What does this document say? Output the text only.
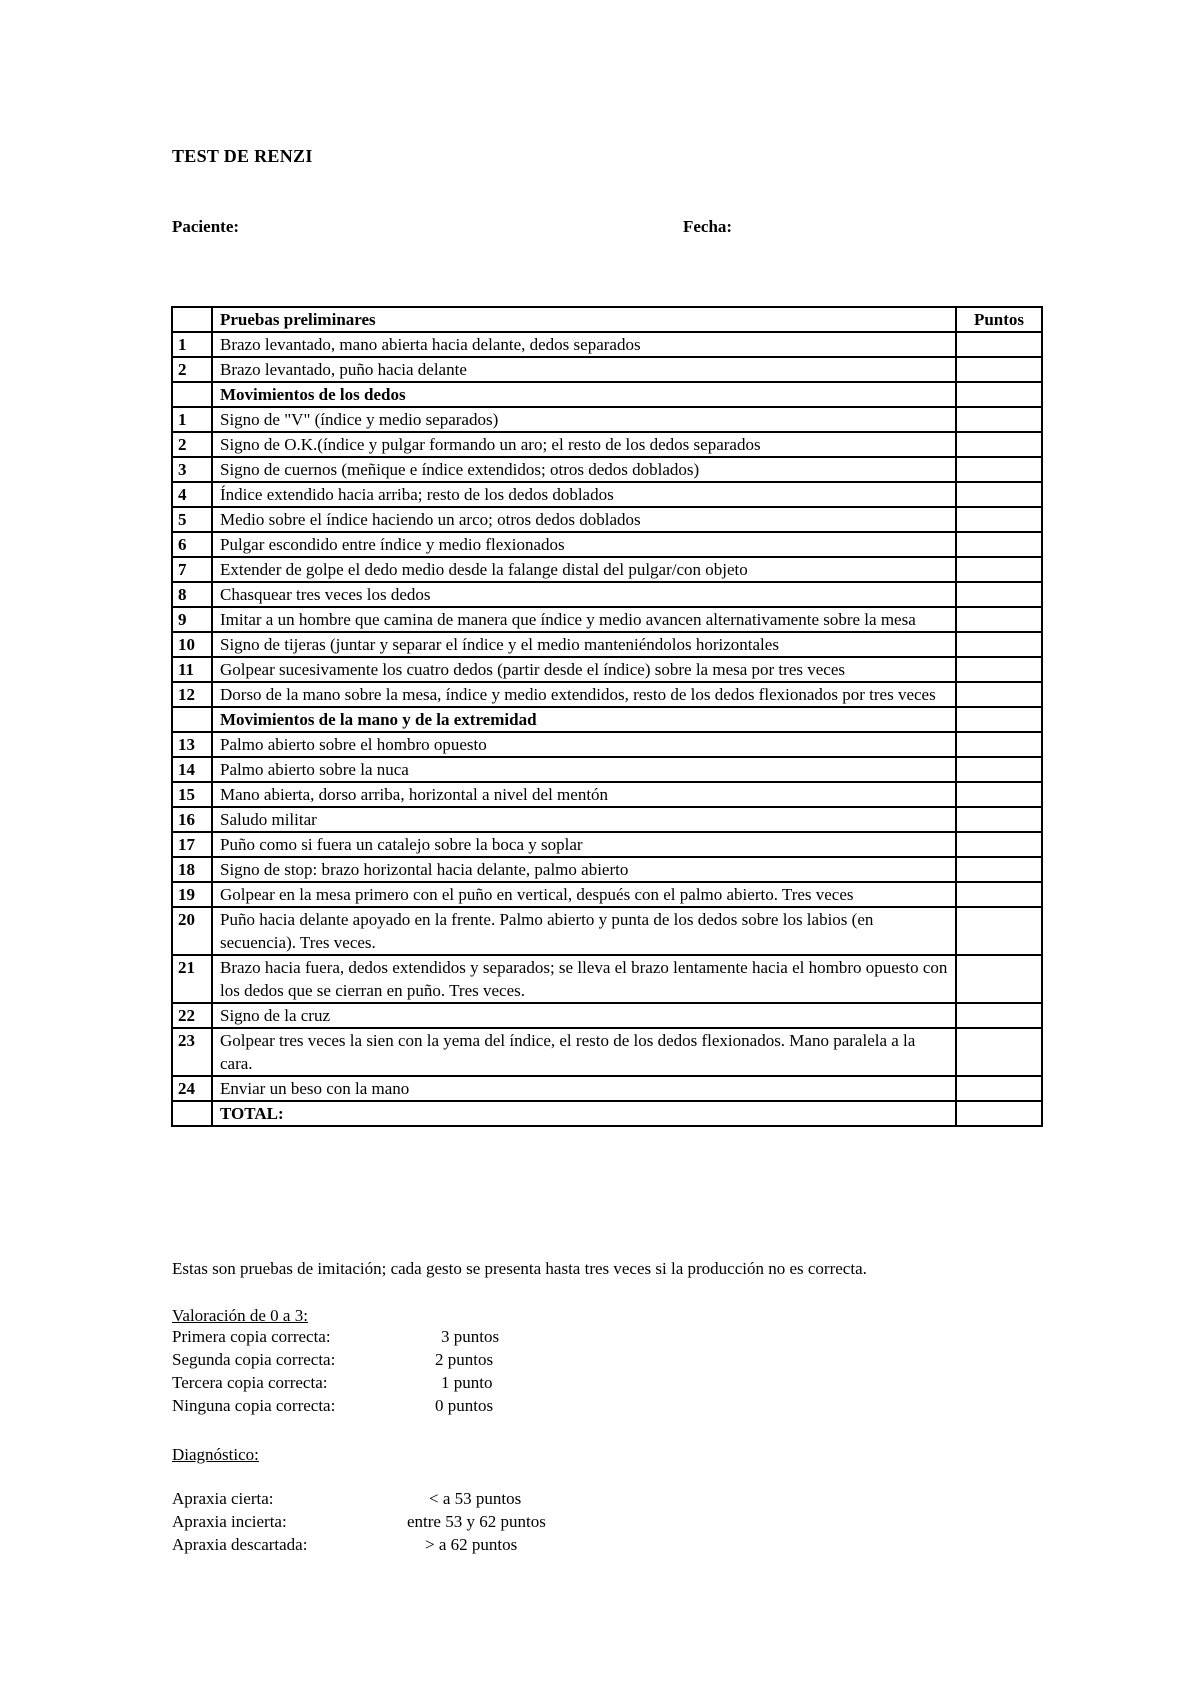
TEST DE RENZI
Paciente:	Fecha:
	Pruebas preliminares	Puntos
1	Brazo levantado, mano abierta hacia delante, dedos separados	
2	Brazo levantado, puño hacia delante	
	Movimientos de los dedos	
1	Signo de "V" (índice y medio separados)	
2	Signo de O.K.(índice y pulgar formando un aro; el resto de los dedos separados	
3	Signo de cuernos (meñique e índice extendidos; otros dedos doblados)	
4	Índice extendido hacia arriba; resto de los dedos doblados	
5	Medio sobre el índice haciendo un arco; otros dedos doblados	
6	Pulgar escondido entre índice y medio flexionados	
7	Extender de golpe el dedo medio desde la falange distal del pulgar/con objeto	
8	Chasquear tres veces los dedos	
9	Imitar a un hombre que camina de manera que índice y medio avancen alternativamente sobre la mesa	
10	Signo de tijeras (juntar y separar el índice y el medio manteniéndolos horizontales	
11	Golpear sucesivamente los cuatro dedos (partir desde el índice) sobre la mesa por tres veces	
12	Dorso de la mano sobre la mesa, índice y medio extendidos, resto de los dedos flexionados por tres veces	
	Movimientos de la mano y de la extremidad	
13	Palmo abierto sobre el hombro opuesto	
14	Palmo abierto sobre la nuca	
15	Mano abierta, dorso arriba, horizontal a nivel del mentón	
16	Saludo militar	
17	Puño como si fuera un catalejo sobre la boca y soplar	
18	Signo de stop: brazo horizontal hacia delante, palmo abierto	
19	Golpear en la mesa primero con el puño en vertical, después con el palmo abierto. Tres veces	
20	Puño hacia delante apoyado en la frente. Palmo abierto y punta de los dedos sobre los labios (en secuencia). Tres veces.	
21	Brazo hacia fuera, dedos extendidos y separados; se lleva el brazo lentamente hacia el hombro opuesto con los dedos que se cierran en puño. Tres veces.	
22	Signo de la cruz	
23	Golpear tres veces la sien con la yema del índice, el resto de los dedos flexionados. Mano paralela a la cara.	
24	Enviar un beso con la mano	
	TOTAL:	
Estas son pruebas de imitación; cada gesto se presenta hasta tres veces si la producción no es correcta.
Valoración de 0 a 3:
Primera copia correcta:	3 puntos
Segunda copia correcta:	2 puntos
Tercera copia correcta:	1 punto
Ninguna copia correcta:	0 puntos
Diagnóstico:
Apraxia cierta:	< a 53 puntos
Apraxia incierta:	entre 53 y 62 puntos
Apraxia descartada:	> a 62 puntos
